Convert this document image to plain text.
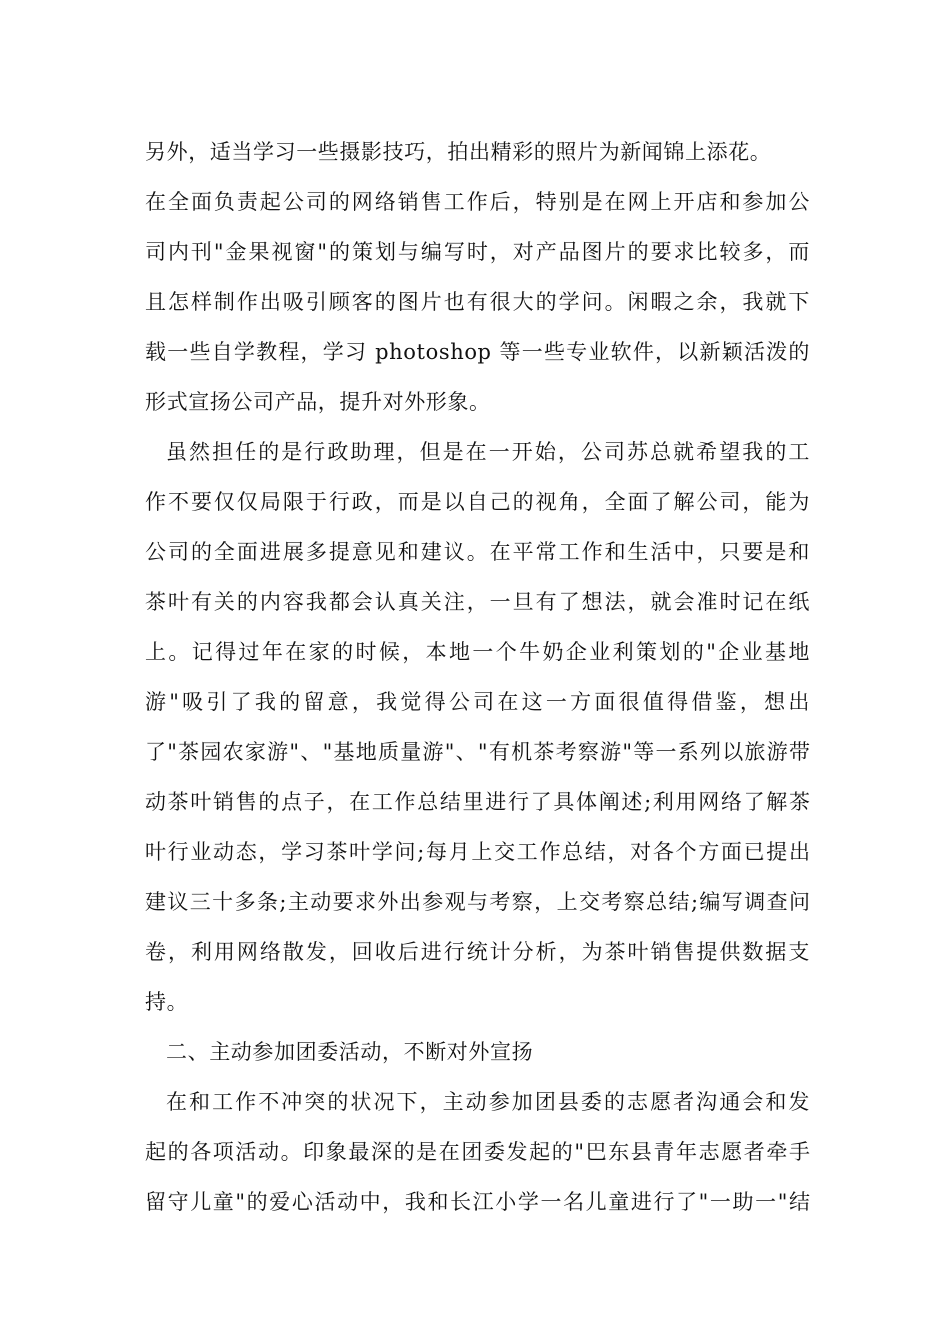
另外，适当学习一些摄影技巧，拍出精彩的照片为新闻锦上添花。
在全面负责起公司的网络销售工作后，特别是在网上开店和参加公
司内刊"金果视窗"的策划与编写时，对产品图片的要求比较多，而
且怎样制作出吸引顾客的图片也有很大的学问。闲暇之余，我就下
载一些自学教程，学习 photoshop 等一些专业软件，以新颖活泼的
形式宣扬公司产品，提升对外形象。
虽然担任的是行政助理，但是在一开始，公司苏总就希望我的工
作不要仅仅局限于行政，而是以自己的视角，全面了解公司，能为
公司的全面进展多提意见和建议。在平常工作和生活中，只要是和
茶叶有关的内容我都会认真关注，一旦有了想法，就会准时记在纸
上。记得过年在家的时候，本地一个牛奶企业利策划的"企业基地
游"吸引了我的留意，我觉得公司在这一方面很值得借鉴，想出
了"茶园农家游"、"基地质量游"、"有机茶考察游"等一系列以旅游带
动茶叶销售的点子，在工作总结里进行了具体阐述;利用网络了解茶
叶行业动态，学习茶叶学问;每月上交工作总结，对各个方面已提出
建议三十多条;主动要求外出参观与考察，上交考察总结;编写调查问
卷，利用网络散发，回收后进行统计分析，为茶叶销售提供数据支
持。
二、主动参加团委活动，不断对外宣扬
在和工作不冲突的状况下，主动参加团县委的志愿者沟通会和发
起的各项活动。印象最深的是在团委发起的"巴东县青年志愿者牵手
留守儿童"的爱心活动中，我和长江小学一名儿童进行了"一助一"结
